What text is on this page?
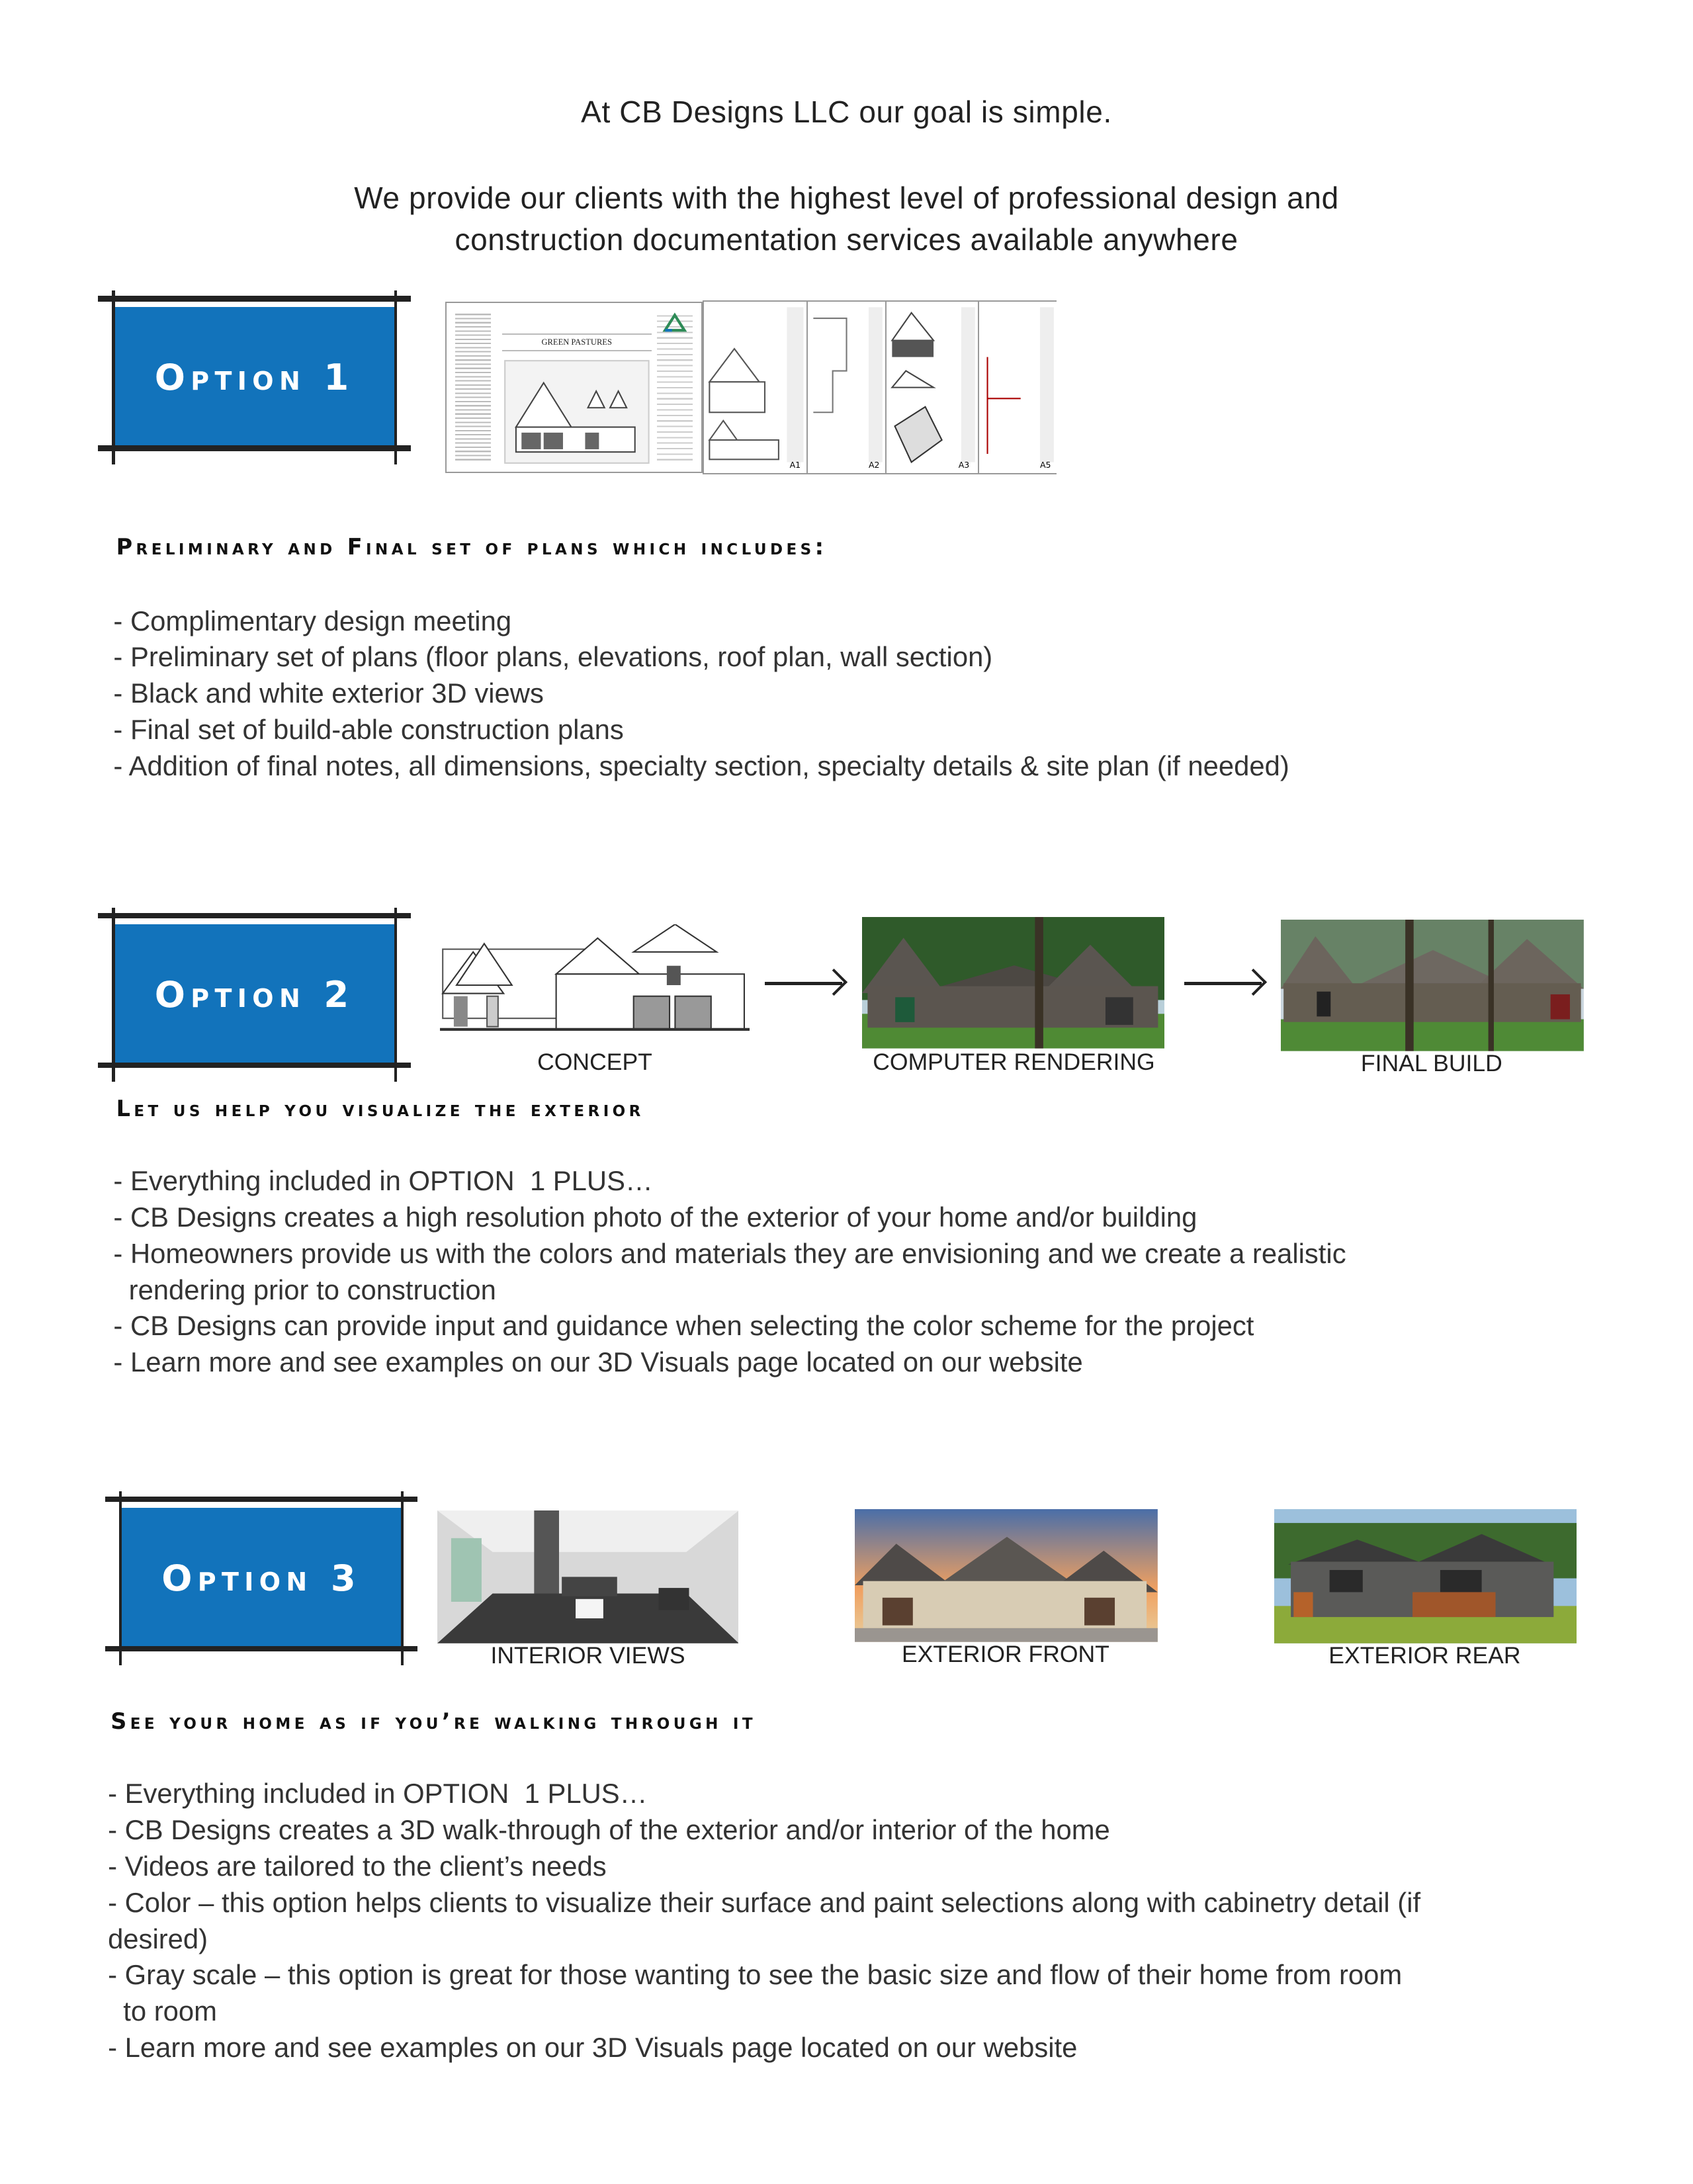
At CB Designs LLC our goal is simple.
We provide our clients with the highest level of professional design and
construction documentation services available anywhere
Option 1
GREEN PASTURES
A1	A2	A3	A5
Preliminary and Final set of plans which includes:
- Complimentary design meeting
- Preliminary set of plans (floor plans, elevations, roof plan, wall section)
- Black and white exterior 3D views
- Final set of build-able construction plans
- Addition of final notes, all dimensions, specialty section, specialty details & site plan (if needed)
Option 2
CONCEPT	COMPUTER RENDERING	FINAL BUILD
Let us help you visualize the exterior
- Everything included in OPTION  1 PLUS…
- CB Designs creates a high resolution photo of the exterior of your home and/or building
- Homeowners provide us with the colors and materials they are envisioning and we create a realistic
rendering prior to construction
- CB Designs can provide input and guidance when selecting the color scheme for the project
- Learn more and see examples on our 3D Visuals page located on our website
Option 3
INTERIOR VIEWS	EXTERIOR FRONT	EXTERIOR REAR
See your home as if you’re walking through it
- Everything included in OPTION  1 PLUS…
- CB Designs creates a 3D walk-through of the exterior and/or interior of the home
- Videos are tailored to the client’s needs
- Color – this option helps clients to visualize their surface and paint selections along with cabinetry detail (if
desired)
- Gray scale – this option is great for those wanting to see the basic size and flow of their home from room
to room
- Learn more and see examples on our 3D Visuals page located on our website
